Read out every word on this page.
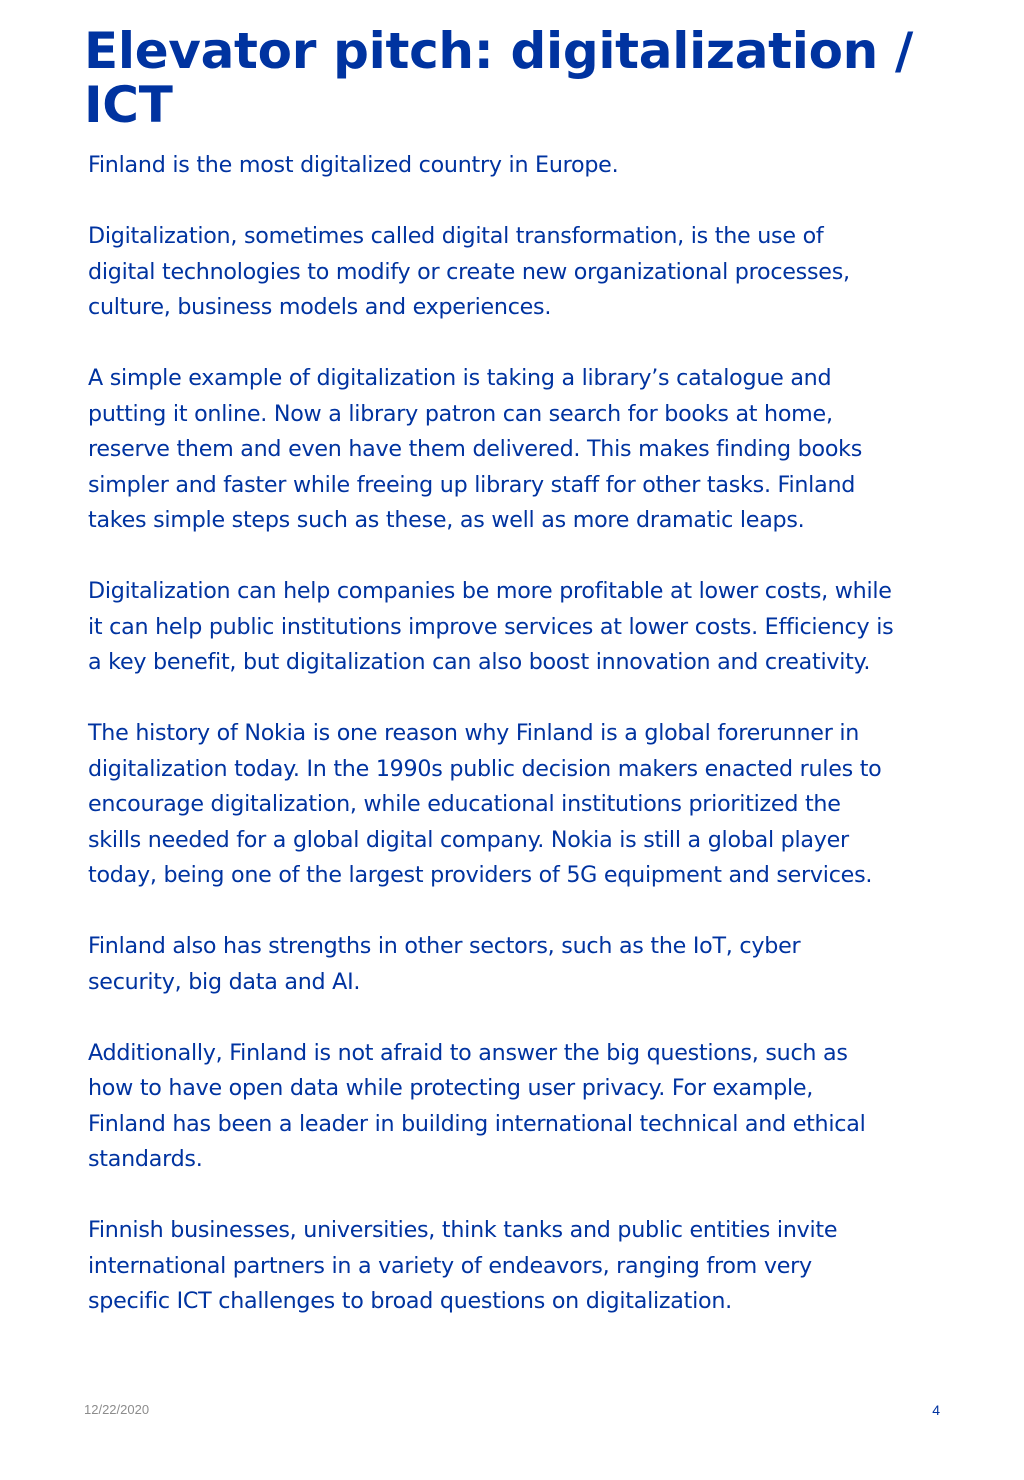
Elevator pitch: digitalization / ICT

Finland is the most digitalized country in Europe.

Digitalization, sometimes called digital transformation, is the use of
digital technologies to modify or create new organizational processes,
culture, business models and experiences.

A simple example of digitalization is taking a library’s catalogue and
putting it online. Now a library patron can search for books at home,
reserve them and even have them delivered. This makes finding books
simpler and faster while freeing up library staff for other tasks. Finland
takes simple steps such as these, as well as more dramatic leaps.

Digitalization can help companies be more profitable at lower costs, while
it can help public institutions improve services at lower costs. Efficiency is
a key benefit, but digitalization can also boost innovation and creativity.

The history of Nokia is one reason why Finland is a global forerunner in
digitalization today. In the 1990s public decision makers enacted rules to
encourage digitalization, while educational institutions prioritized the
skills needed for a global digital company. Nokia is still a global player
today, being one of the largest providers of 5G equipment and services.

Finland also has strengths in other sectors, such as the IoT, cyber
security, big data and AI.

Additionally, Finland is not afraid to answer the big questions, such as
how to have open data while protecting user privacy. For example,
Finland has been a leader in building international technical and ethical
standards.

Finnish businesses, universities, think tanks and public entities invite
international partners in a variety of endeavors, ranging from very
specific ICT challenges to broad questions on digitalization.

12/22/2020	4
